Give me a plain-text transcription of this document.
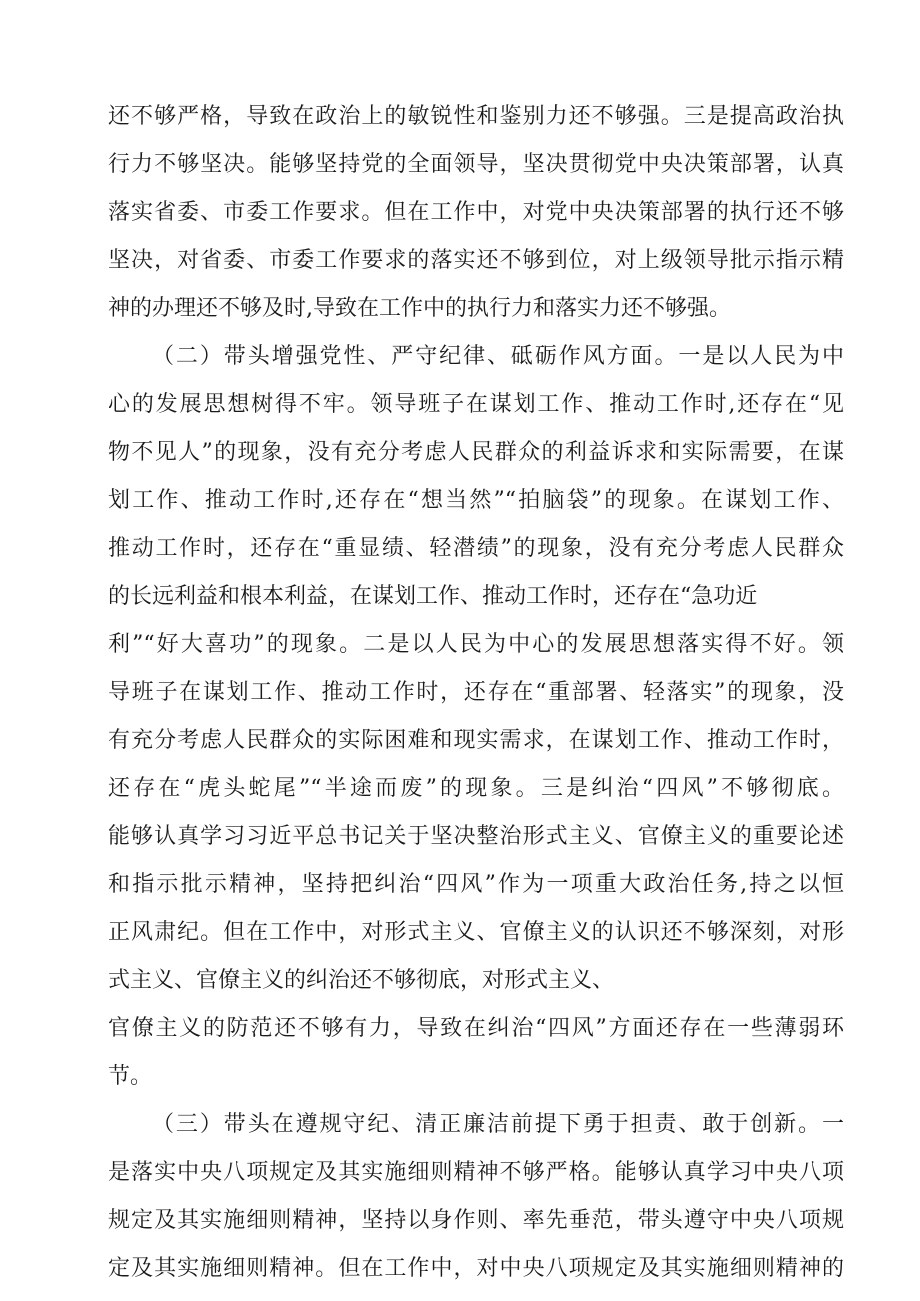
还不够严格，导致在政治上的敏锐性和鉴别力还不够强。三是提高政治执
行力不够坚决。能够坚持党的全面领导，坚决贯彻党中央决策部署，认真
落实省委、市委工作要求。但在工作中，对党中央决策部署的执行还不够
坚决，对省委、市委工作要求的落实还不够到位，对上级领导批示指示精
神的办理还不够及时,导致在工作中的执行力和落实力还不够强。
（二）带头增强党性、严守纪律、砥砺作风方面。一是以人民为中
心的发展思想树得不牢。领导班子在谋划工作、推动工作时,还存在“见
物不见人”的现象，没有充分考虑人民群众的利益诉求和实际需要，在谋
划工作、推动工作时,还存在“想当然”“拍脑袋”的现象。在谋划工作、
推动工作时，还存在“重显绩、轻潜绩”的现象，没有充分考虑人民群众
的长远利益和根本利益，在谋划工作、推动工作时，还存在“急功近
利”“好大喜功”的现象。二是以人民为中心的发展思想落实得不好。领
导班子在谋划工作、推动工作时，还存在“重部署、轻落实”的现象，没
有充分考虑人民群众的实际困难和现实需求，在谋划工作、推动工作时，
还存在“虎头蛇尾”“半途而废”的现象。三是纠治“四风”不够彻底。
能够认真学习习近平总书记关于坚决整治形式主义、官僚主义的重要论述
和指示批示精神，坚持把纠治“四风”作为一项重大政治任务,持之以恒
正风肃纪。但在工作中，对形式主义、官僚主义的认识还不够深刻，对形
式主义、官僚主义的纠治还不够彻底，对形式主义、
官僚主义的防范还不够有力，导致在纠治“四风”方面还存在一些薄弱环
节。
（三）带头在遵规守纪、清正廉洁前提下勇于担责、敢于创新。一
是落实中央八项规定及其实施细则精神不够严格。能够认真学习中央八项
规定及其实施细则精神，坚持以身作则、率先垂范，带头遵守中央八项规
定及其实施细则精神。但在工作中，对中央八项规定及其实施细则精神的
